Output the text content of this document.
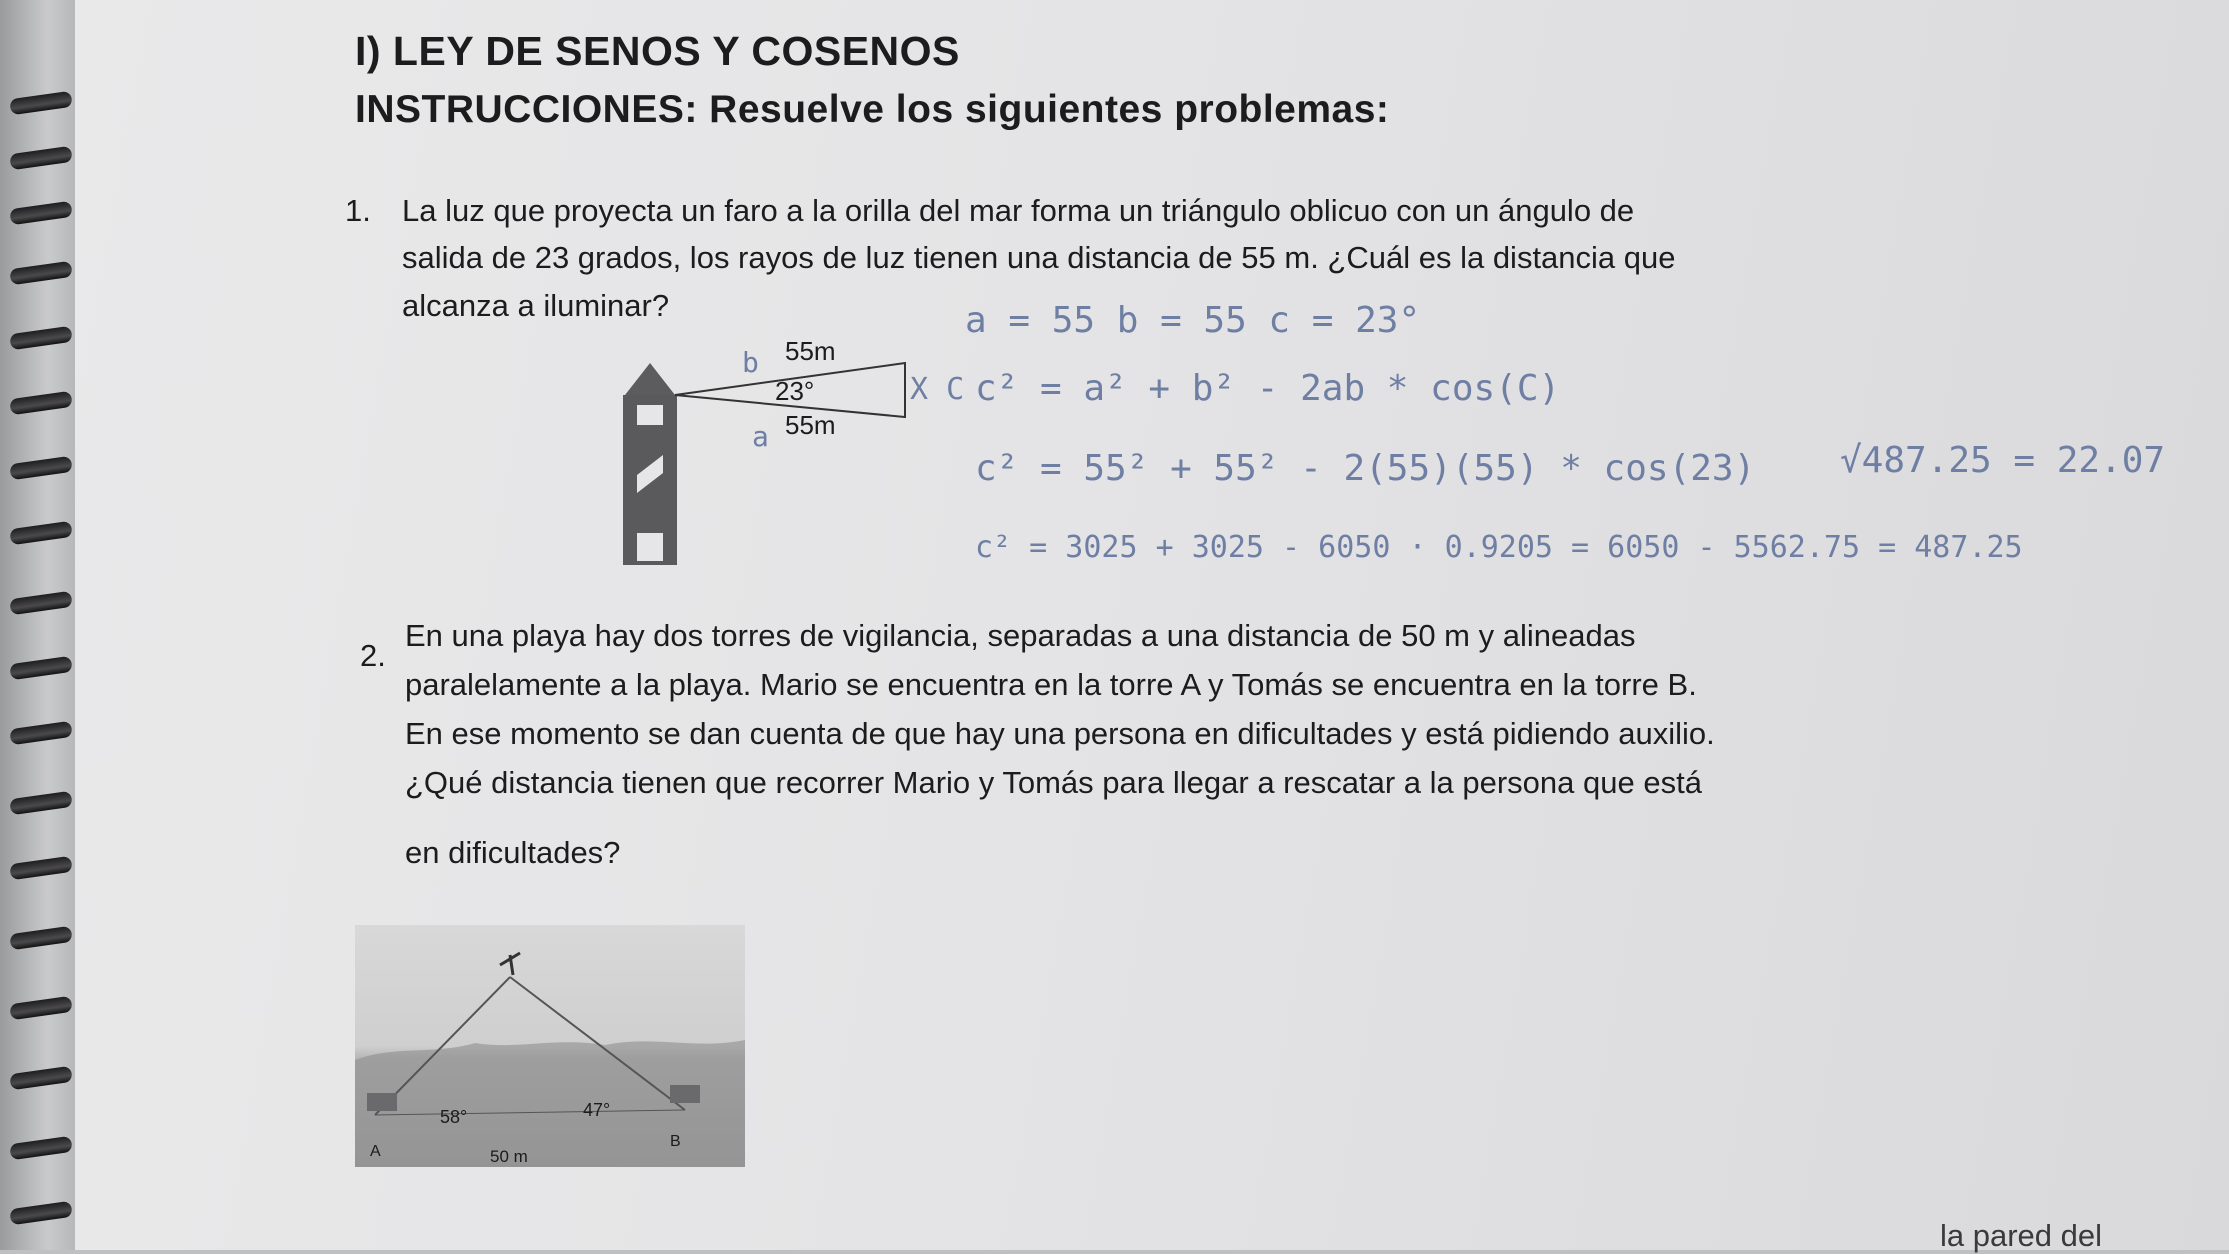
I) LEY DE SENOS Y COSENOS
INSTRUCCIONES: Resuelve los siguientes problemas:
1. La luz que proyecta un faro a la orilla del mar forma un triángulo oblicuo con un ángulo de
salida de 23 grados, los rayos de luz tienen una distancia de 55 m. ¿Cuál es la distancia que
alcanza a iluminar?
55m
23°
55m
b
a
X C
a = 55 b = 55 c = 23°
c² = a² + b² - 2ab * cos(C)
c² = 55² + 55² - 2(55)(55) * cos(23) √487.25 = 22.07
c² = 3025 + 3025 - 6050 · 0.9205 = 6050 - 5562.75 = 487.25
2.
En una playa hay dos torres de vigilancia, separadas a una distancia de 50 m y alineadas
paralelamente a la playa. Mario se encuentra en la torre A y Tomás se encuentra en la torre B.
En ese momento se dan cuenta de que hay una persona en dificultades y está pidiendo auxilio.
¿Qué distancia tienen que recorrer Mario y Tomás para llegar a rescatar a la persona que está
en dificultades?
58°	47°
A
B
50 m
la pared del
